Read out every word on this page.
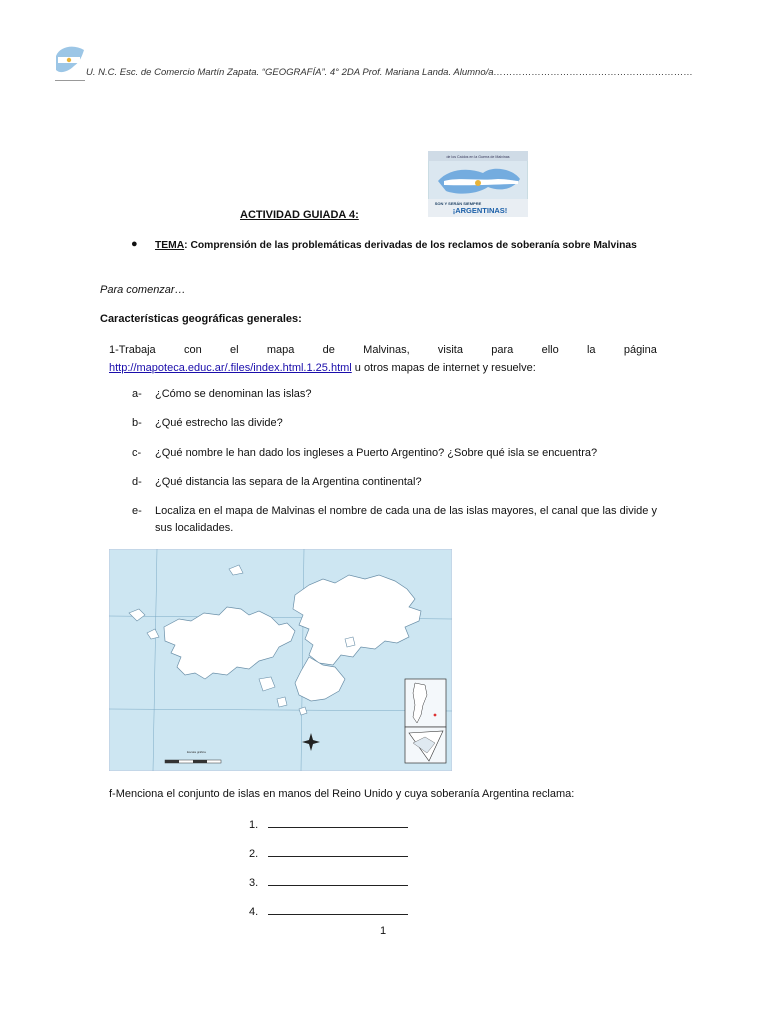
U. N.C. Esc. de Comercio Martín Zapata. “GEOGRAFÍA”. 4° 2DA Prof. Mariana Landa. Alumno/a………………………………………………………
de los Caídos en la Guerra de Malvinas
SON Y SERÁN SIEMPRE
¡ARGENTINAS!
ACTIVIDAD GUIADA 4:
● TEMA: Comprensión de las problemáticas derivadas de los reclamos de soberanía sobre Malvinas
Para comenzar…
Características geográficas generales:
1-Trabaja	con	el	mapa	de	Malvinas,	visita	para	ello	la	página
http://mapoteca.educ.ar/.files/index.html.1.25.html u otros mapas de internet y resuelve:
a- ¿Cómo se denominan las islas?
b- ¿Qué estrecho las divide?
c- ¿Qué nombre le han dado los ingleses a Puerto Argentino? ¿Sobre qué isla se encuentra?
d- ¿Qué distancia las separa de la Argentina continental?
e-	Localiza en el mapa de Malvinas el nombre de cada una de las islas mayores, el canal que las divide y sus localidades.
Escala gráfica
f-Menciona el conjunto de islas en manos del Reino Unido y cuya soberanía Argentina reclama:
1.
2.
3.
4.
1
